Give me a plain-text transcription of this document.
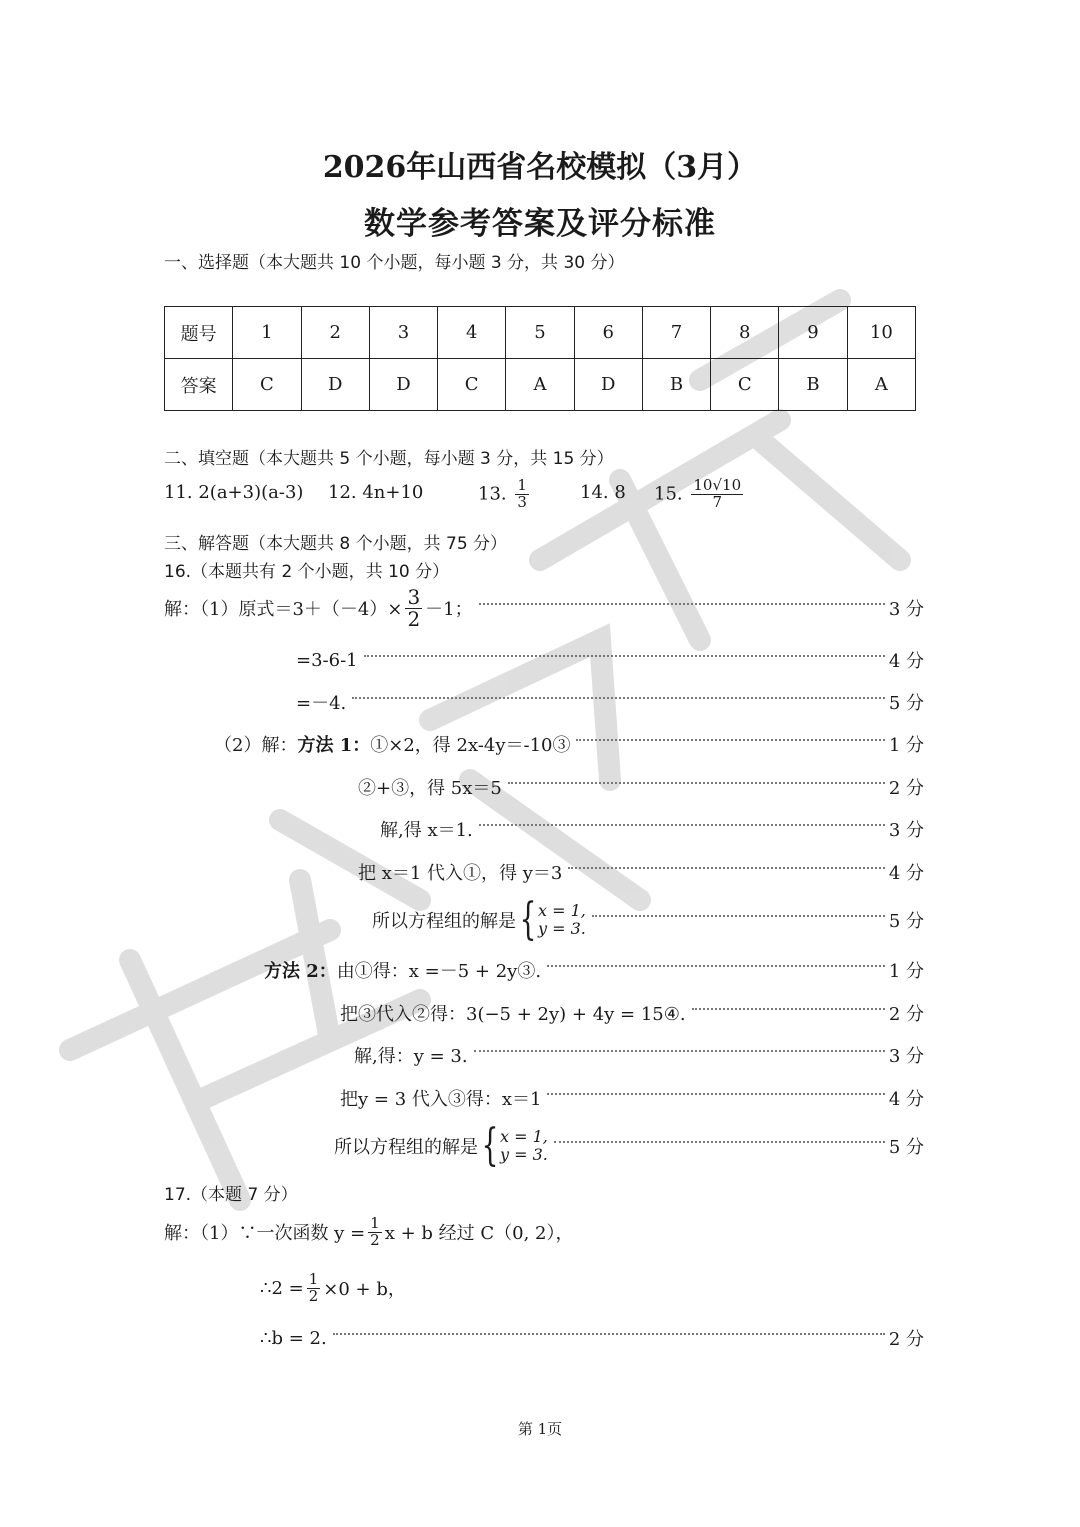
2026年山西省名校模拟（3月）
数学参考答案及评分标准
一、选择题（本大题共 10 个小题，每小题 3 分，共 30 分）
题号	1	2	3	4	5	6	7	8	9	10
答案	C	D	D	C	A	D	B	C	B	A
二、填空题（本大题共 5 个小题，每小题 3 分，共 15 分）
11. 2(a+3)(a-3) 12. 4n+10	13. $\frac{1}{3}$	14. 8 15. $\frac{10√10}{7}$
三、解答题（本大题共 8 个小题，共 75 分）
16.（本题共有 2 个小题，共 10 分）
解：（1）原式$=3+(-4)\times \frac{3}{2} -1$；	3 分
=3-6-1	4 分
=－4.	5 分
（2）解： 方法 1： ①×2，得 2x-4y＝-10③	1 分
②+③，得 5x＝5	2 分
解,得 x＝1.	3 分
把 x＝1 代入①，得 y＝3	4 分
所以方程组的解是 { x = 1,
y = 3.	5 分
方法 2： 由①得：x =－5 + 2y③.	1 分
把③代入②得：3(−5 + 2y) + 4y = 15④.	2 分
解,得：y = 3.	3 分
把y = 3 代入③得：x＝1	4 分
所以方程组的解是 { x = 1,
y = 3.	5 分
17.（本题 7 分）
解：（1）∵一次函数 $y = \frac{1}{2}$ x + b 经过 C（0, 2），
∴2 = $\frac{1}{2} \times 0 + b$，
∴b = 2.	2 分
第 1页
